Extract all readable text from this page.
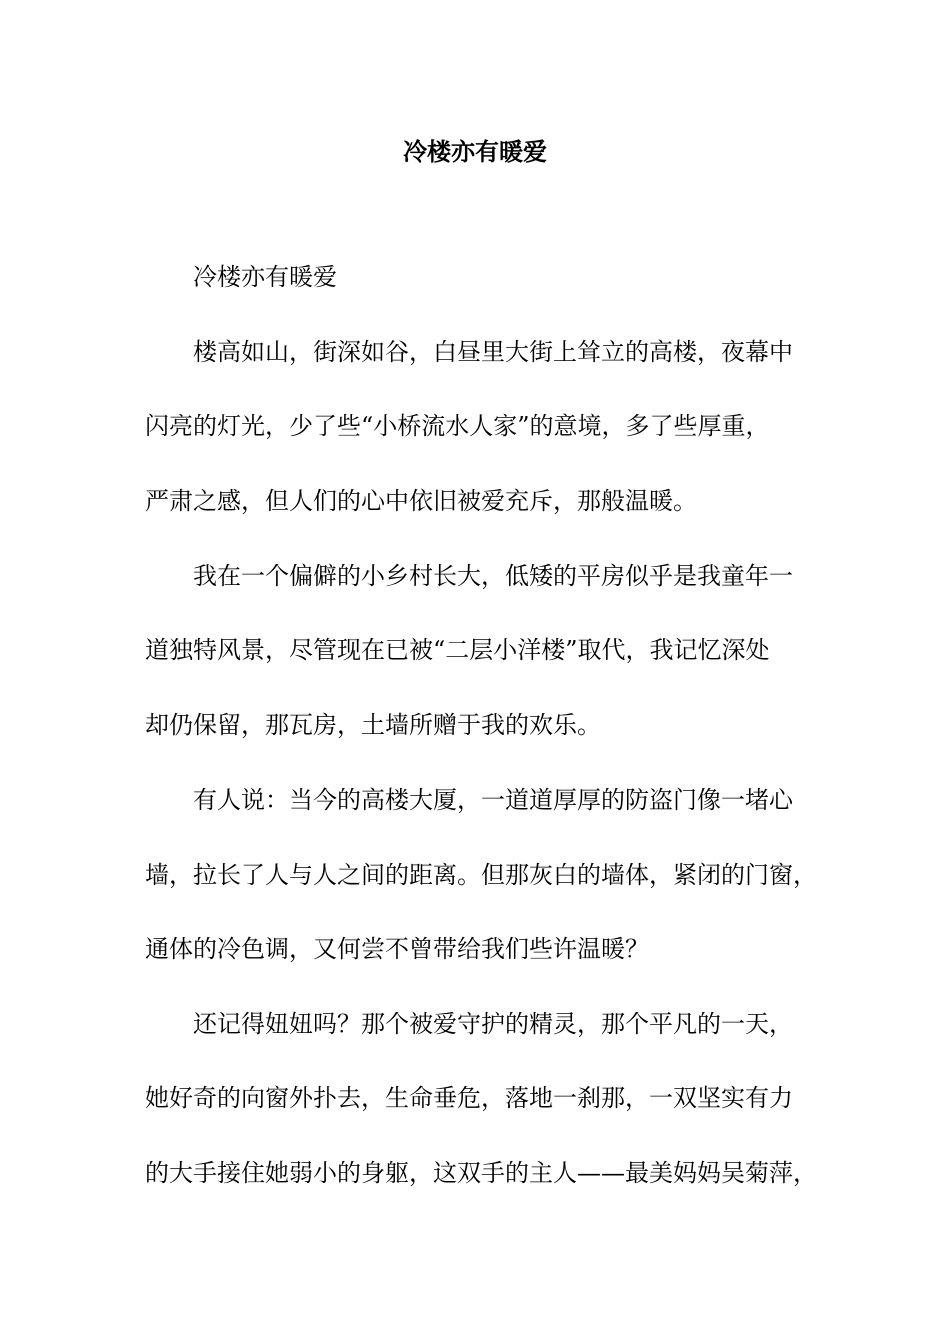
冷楼亦有暖爱
冷楼亦有暖爱
楼高如山，街深如谷，白昼里大街上耸立的高楼，夜幕中
闪亮的灯光，少了些“小桥流水人家”的意境，多了些厚重，
严肃之感，但人们的心中依旧被爱充斥，那般温暖。
我在一个偏僻的小乡村长大，低矮的平房似乎是我童年一
道独特风景，尽管现在已被“二层小洋楼”取代，我记忆深处
却仍保留，那瓦房，土墙所赠于我的欢乐。
有人说：当今的高楼大厦，一道道厚厚的防盗门像一堵心
墙，拉长了人与人之间的距离。但那灰白的墙体，紧闭的门窗，
通体的冷色调，又何尝不曾带给我们些许温暖？
还记得妞妞吗？那个被爱守护的精灵，那个平凡的一天，
她好奇的向窗外扑去，生命垂危，落地一刹那，一双坚实有力
的大手接住她弱小的身躯，这双手的主人——最美妈妈吴菊萍，
